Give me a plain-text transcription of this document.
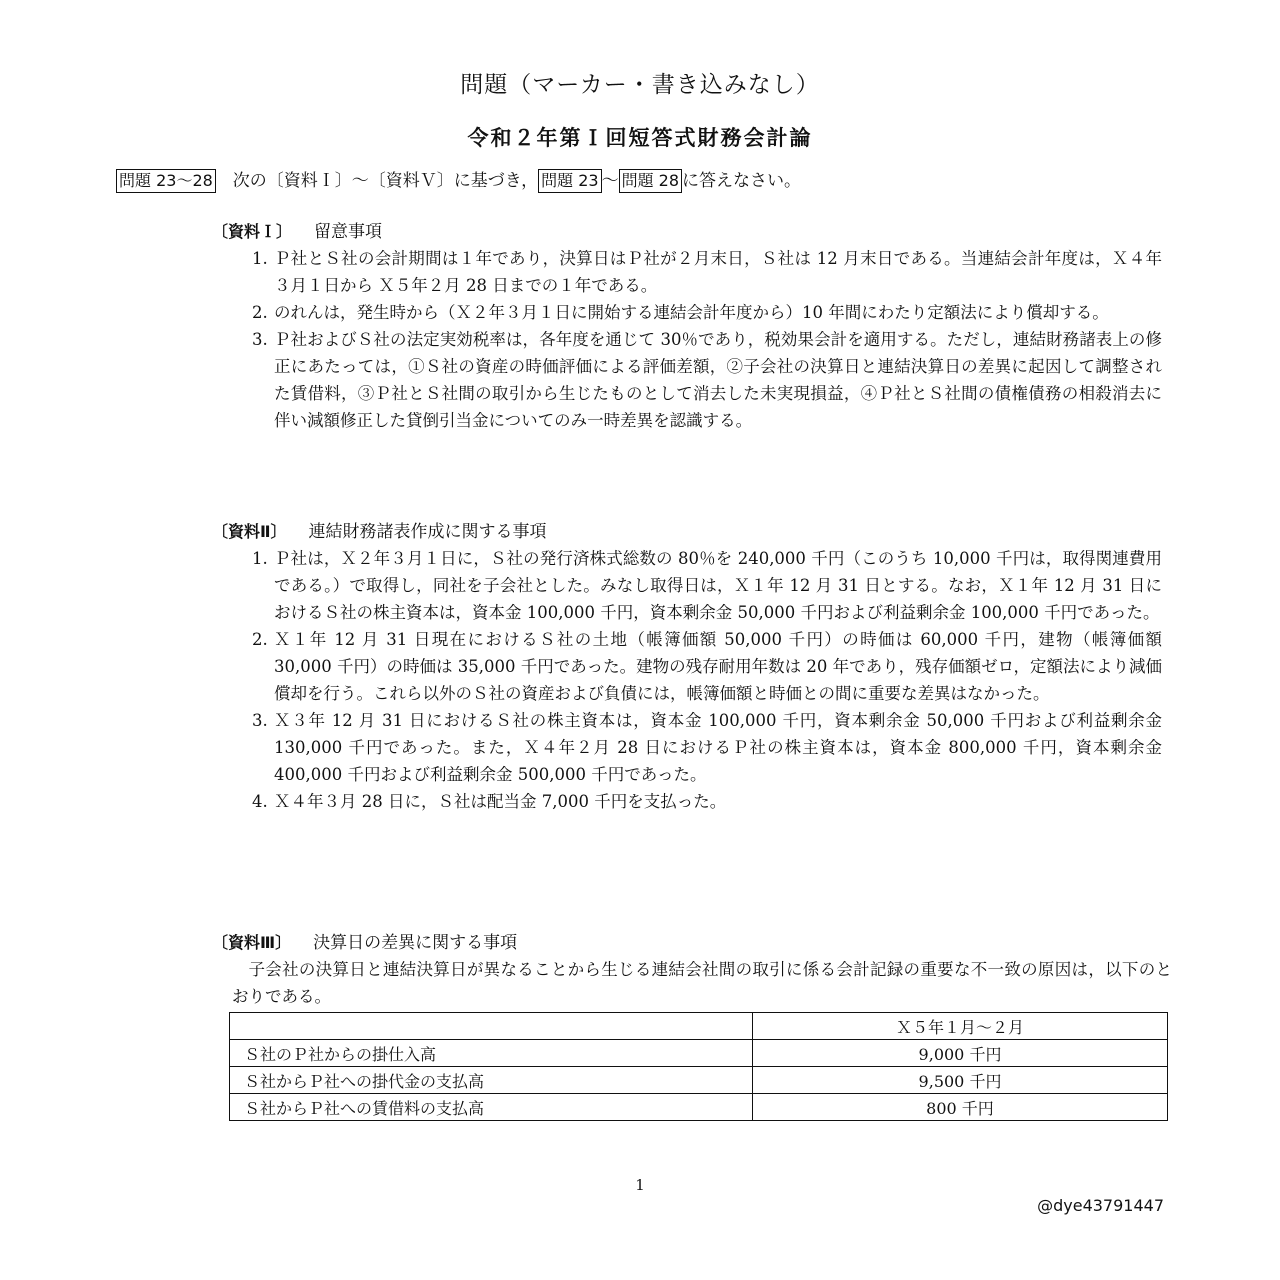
問題（マーカー・書き込みなし）
令和２年第Ｉ回短答式財務会計論
問題 23〜28　次の〔資料Ｉ〕〜〔資料Ｖ〕に基づき， 問題 23 〜 問題 28 に答えなさい。
〔資料Ｉ〕 留意事項
1. Ｐ社とＳ社の会計期間は１年であり，決算日はＰ社が２月末日，Ｓ社は 12 月末日である。当連結会計年度は，Ｘ４年３月１日から Ｘ５年２月 28 日までの１年である。
2. のれんは，発生時から（Ｘ２年３月１日に開始する連結会計年度から）10 年間にわたり定額法により償却する。
3. Ｐ社およびＳ社の法定実効税率は，各年度を通じて 30％であり，税効果会計を適用する。ただし，連結財務諸表上の修正にあたっては，①Ｓ社の資産の時価評価による評価差額，②子会社の決算日と連結決算日の差異に起因して調整された賃借料，③Ｐ社とＳ社間の取引から生じたものとして消去した未実現損益，④Ｐ社とＳ社間の債権債務の相殺消去に伴い減額修正した貸倒引当金についてのみ一時差異を認識する。
〔資料Ⅱ〕 連結財務諸表作成に関する事項
1. Ｐ社は，Ｘ２年３月１日に，Ｓ社の発行済株式総数の 80％を 240,000 千円（このうち 10,000 千円は，取得関連費用である。）で取得し，同社を子会社とした。みなし取得日は，Ｘ１年 12 月 31 日とする。なお，Ｘ１年 12 月 31 日におけるＳ社の株主資本は，資本金 100,000 千円，資本剰余金 50,000 千円および利益剰余金 100,000 千円であった。
2. Ｘ１年 12 月 31 日現在におけるＳ社の土地（帳簿価額 50,000 千円）の時価は 60,000 千円，建物（帳簿価額 30,000 千円）の時価は 35,000 千円であった。建物の残存耐用年数は 20 年であり，残存価額ゼロ，定額法により減価償却を行う。これら以外のＳ社の資産および負債には，帳簿価額と時価との間に重要な差異はなかった。
3. Ｘ３年 12 月 31 日におけるＳ社の株主資本は，資本金 100,000 千円，資本剰余金 50,000 千円および利益剰余金 130,000 千円であった。また，Ｘ４年２月 28 日におけるＰ社の株主資本は，資本金 800,000 千円，資本剰余金 400,000 千円および利益剰余金 500,000 千円であった。
4. Ｘ４年３月 28 日に，Ｓ社は配当金 7,000 千円を支払った。
〔資料Ⅲ〕 決算日の差異に関する事項
子会社の決算日と連結決算日が異なることから生じる連結会社間の取引に係る会計記録の重要な不一致の原因は，以下のとおりである。
	Ｘ５年１月〜２月
Ｓ社のＰ社からの掛仕入高	9,000 千円
Ｓ社からＰ社への掛代金の支払高	9,500 千円
Ｓ社からＰ社への賃借料の支払高	800 千円
1
@dye43791447
